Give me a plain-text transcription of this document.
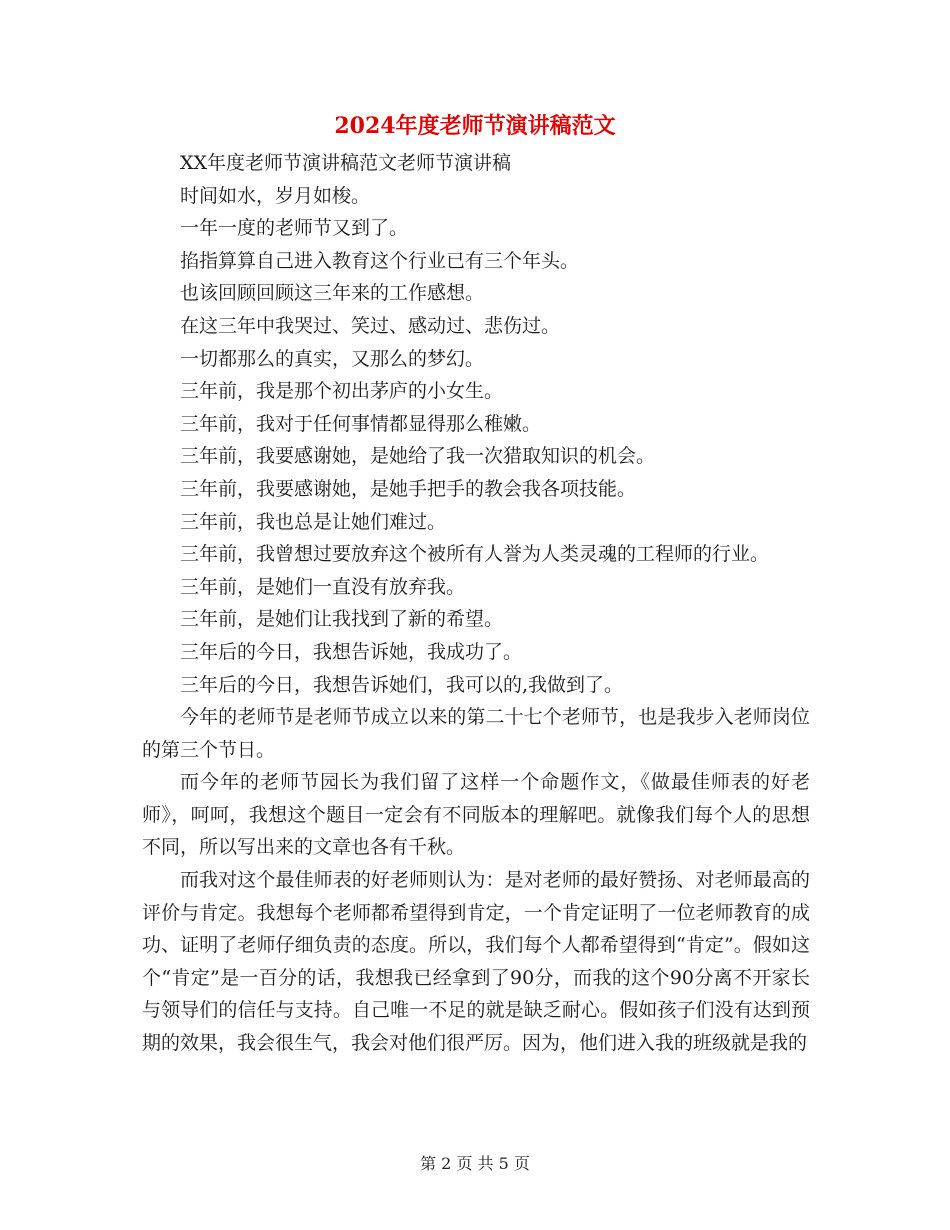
2024年度老师节演讲稿范文

XX年度老师节演讲稿范文老师节演讲稿

时间如水，岁月如梭。

一年一度的老师节又到了。

掐指算算自己进入教育这个行业已有三个年头。

也该回顾回顾这三年来的工作感想。

在这三年中我哭过、笑过、感动过、悲伤过。

一切都那么的真实，又那么的梦幻。

三年前，我是那个初出茅庐的小女生。

三年前，我对于任何事情都显得那么稚嫩。

三年前，我要感谢她，是她给了我一次猎取知识的机会。

三年前，我要感谢她，是她手把手的教会我各项技能。

三年前，我也总是让她们难过。

三年前，我曾想过要放弃这个被所有人誉为人类灵魂的工程师的行业。

三年前，是她们一直没有放弃我。

三年前，是她们让我找到了新的希望。

三年后的今日，我想告诉她，我成功了。

三年后的今日，我想告诉她们，我可以的,我做到了。

今年的老师节是老师节成立以来的第二十七个老师节，也是我步入老师岗位的第三个节日。

而今年的老师节园长为我们留了这样一个命题作文，《做最佳师表的好老师》，呵呵，我想这个题目一定会有不同版本的理解吧。就像我们每个人的思想不同，所以写出来的文章也各有千秋。

而我对这个最佳师表的好老师则认为：是对老师的最好赞扬、对老师最高的评价与肯定。我想每个老师都希望得到肯定，一个肯定证明了一位老师教育的成功、证明了老师仔细负责的态度。所以，我们每个人都希望得到“肯定”。假如这个“肯定”是一百分的话，我想我已经拿到了90分，而我的这个90分离不开家长与领导们的信任与支持。自己唯一不足的就是缺乏耐心。假如孩子们没有达到预期的效果，我会很生气，我会对他们很严厉。因为，他们进入我的班级就是我的

第 2 页 共 5 页
